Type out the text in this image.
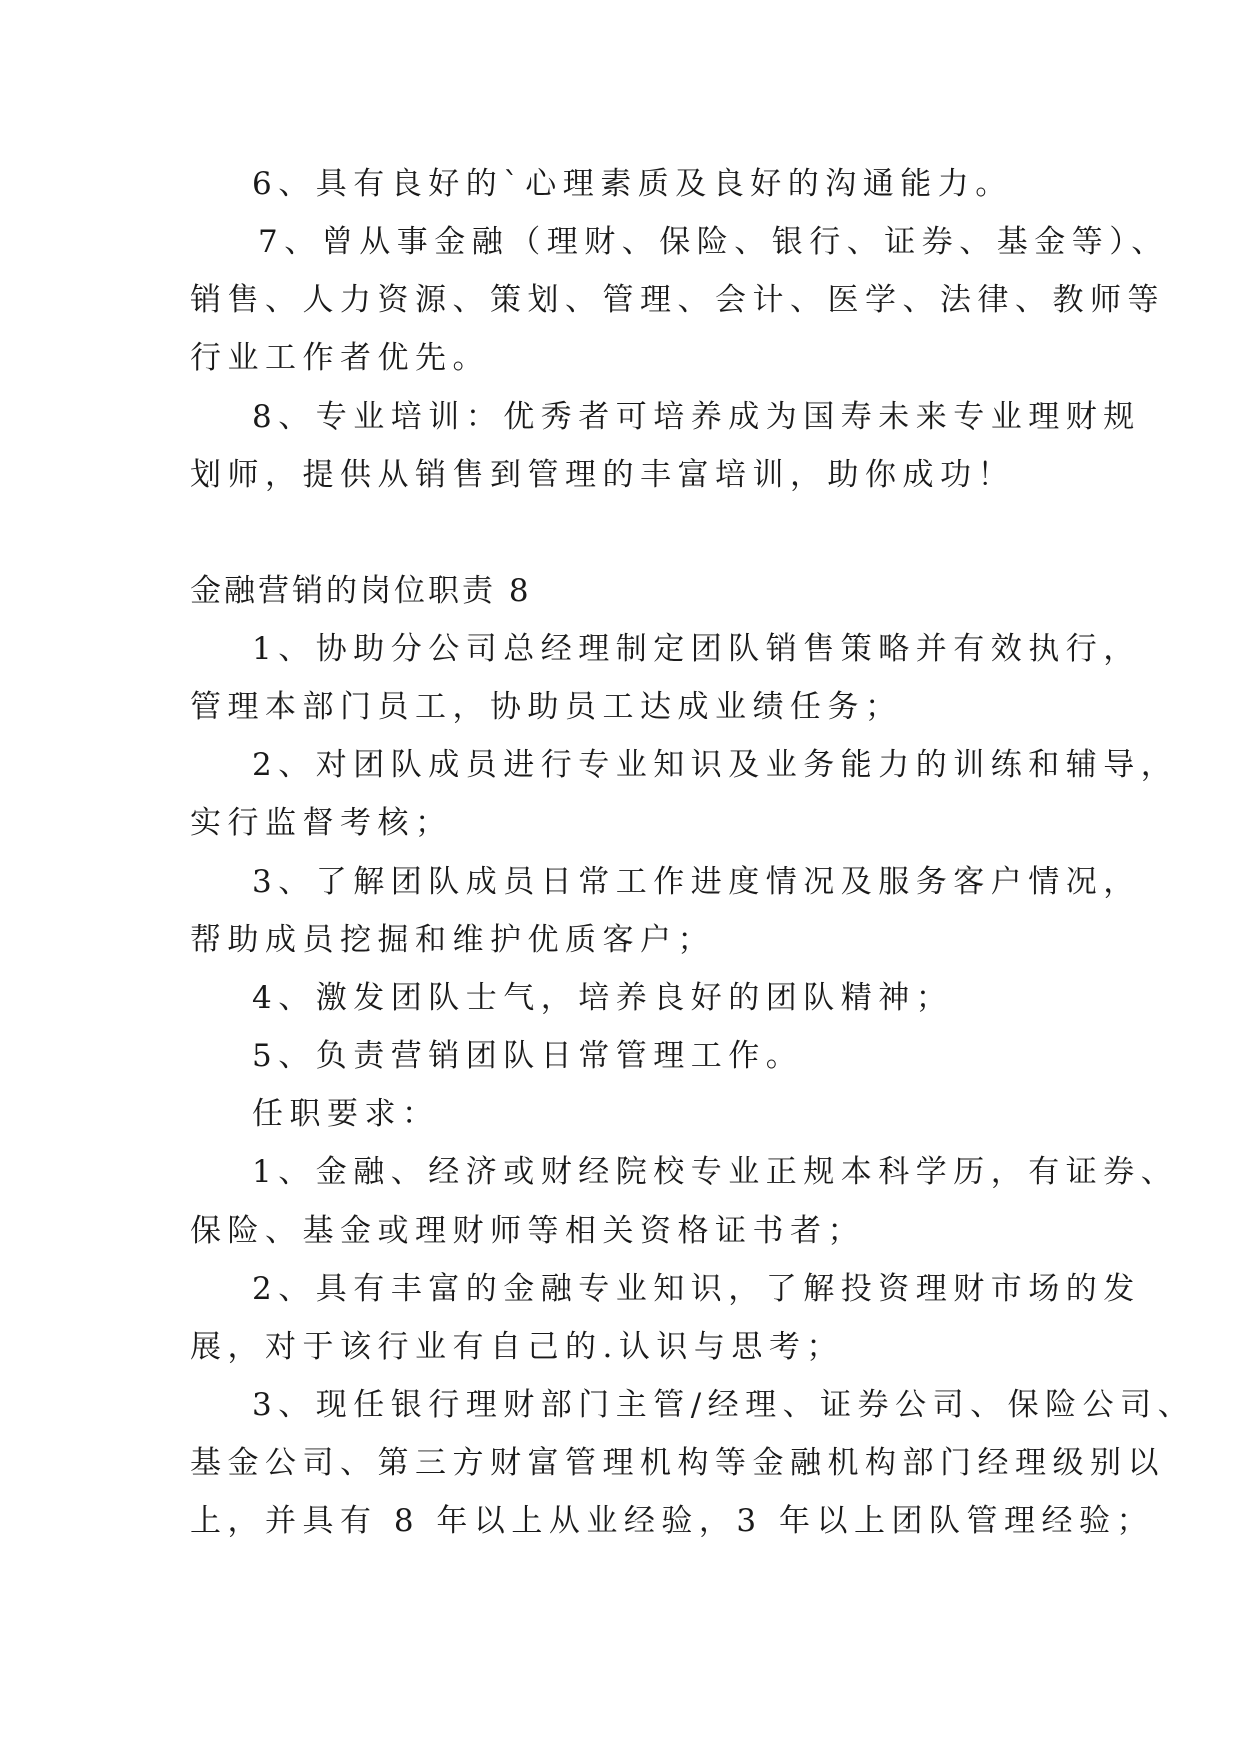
6、具有良好的`心理素质及良好的沟通能力。
7、曾从事金融（理财、保险、银行、证券、基金等）、
销售、人力资源、策划、管理、会计、医学、法律、教师等
行业工作者优先。
8、专业培训：优秀者可培养成为国寿未来专业理财规
划师，提供从销售到管理的丰富培训，助你成功！
金融营销的岗位职责 8
1、协助分公司总经理制定团队销售策略并有效执行，
管理本部门员工，协助员工达成业绩任务；
2、对团队成员进行专业知识及业务能力的训练和辅导，
实行监督考核；
3、了解团队成员日常工作进度情况及服务客户情况，
帮助成员挖掘和维护优质客户；
4、激发团队士气，培养良好的团队精神；
5、负责营销团队日常管理工作。
任职要求：
1、金融、经济或财经院校专业正规本科学历，有证券、
保险、基金或理财师等相关资格证书者；
2、具有丰富的金融专业知识，了解投资理财市场的发
展，对于该行业有自己的.认识与思考；
3、现任银行理财部门主管/经理、证券公司、保险公司、
基金公司、第三方财富管理机构等金融机构部门经理级别以
上，并具有 8 年以上从业经验，3 年以上团队管理经验；
